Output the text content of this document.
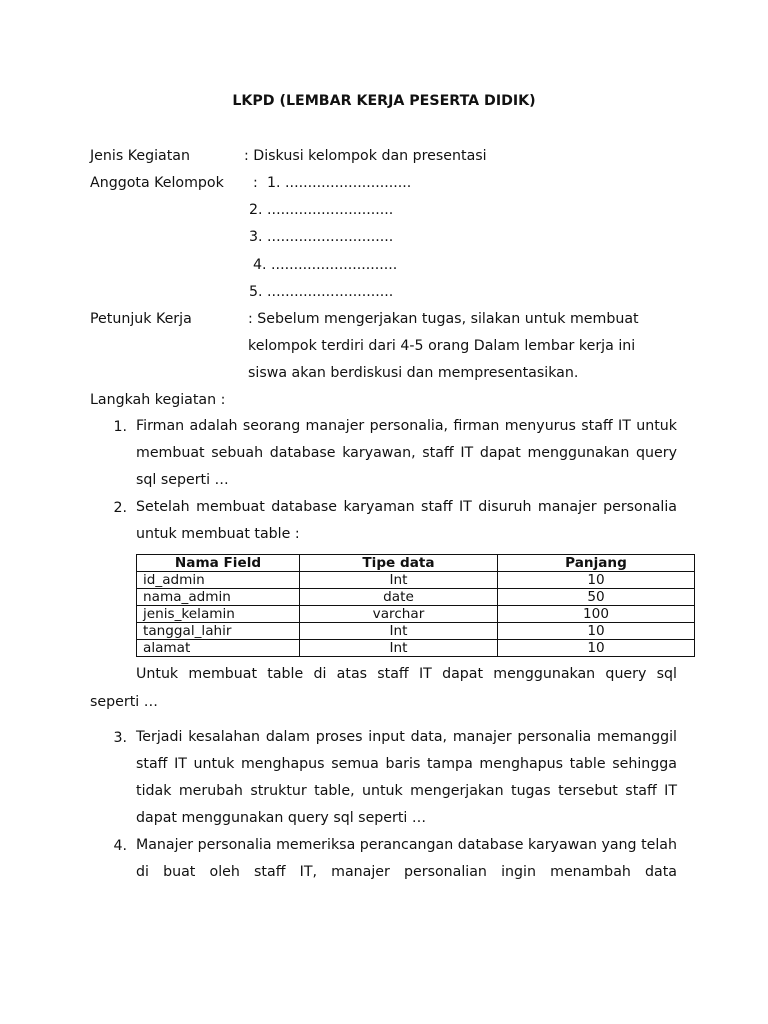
LKPD (LEMBAR KERJA PESERTA DIDIK)
Jenis Kegiatan	: Diskusi kelompok dan presentasi
Anggota Kelompok : 1. ............................
2. ............................
3. ............................
4. ............................
5. ............................
Petunjuk Kerja	: Sebelum mengerjakan tugas, silakan untuk membuat
kelompok terdiri dari 4-5 orang Dalam lembar kerja ini
siswa akan berdiskusi dan mempresentasikan.
Langkah kegiatan :
1. Firman adalah seorang manajer personalia, firman menyurus staff IT untuk membuat sebuah database karyawan, staff IT dapat menggunakan query sql seperti …
2. Setelah membuat database karyaman staff IT disuruh manajer personalia untuk membuat table :
Nama Field	Tipe data	Panjang
id_admin	Int	10
nama_admin	date	50
jenis_kelamin	varchar	100
tanggal_lahir	Int	10
alamat	Int	10
Untuk membuat table di atas staff IT dapat menggunakan query sql
seperti …
3. Terjadi kesalahan dalam proses input data, manajer personalia memanggil staff IT untuk menghapus semua baris tampa menghapus table sehingga tidak merubah struktur table, untuk mengerjakan tugas tersebut staff IT dapat menggunakan query sql seperti …
4. Manajer personalia memeriksa perancangan database karyawan yang telah di buat oleh staff IT, manajer personalian ingin menambah data
